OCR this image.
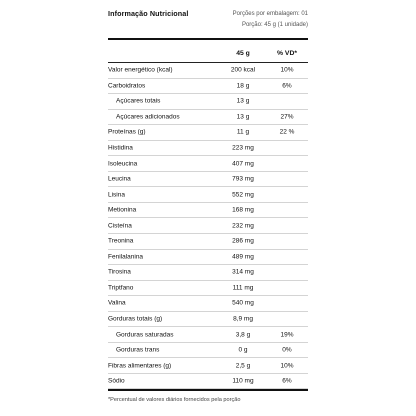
Informação Nutricional	Porções por embalagem: 01
Porção: 45 g (1 unidade)
45 g	% VD*
Valor energético (kcal)	200 kcal	10%
Carboidratos	18 g	6%
Açúcares totais	13 g
Açúcares adicionados	13 g	27%
Proteínas (g)	11 g	22 %
Histidina	223 mg
Isoleucina	407 mg
Leucina	793 mg
Lisina	552 mg
Metionina	168 mg
Cisteína	232 mg
Treonina	286 mg
Fenilalanina	489 mg
Tirosina	314 mg
Triptfano	111 mg
Valina	540 mg
Gorduras totais (g)	8,9 mg
Gorduras saturadas	3,8 g	19%
Gorduras trans	0 g	0%
Fibras alimentares (g)	2,5 g	10%
Sódio	110 mg	6%
*Percentual de valores diários fornecidos pela porção
